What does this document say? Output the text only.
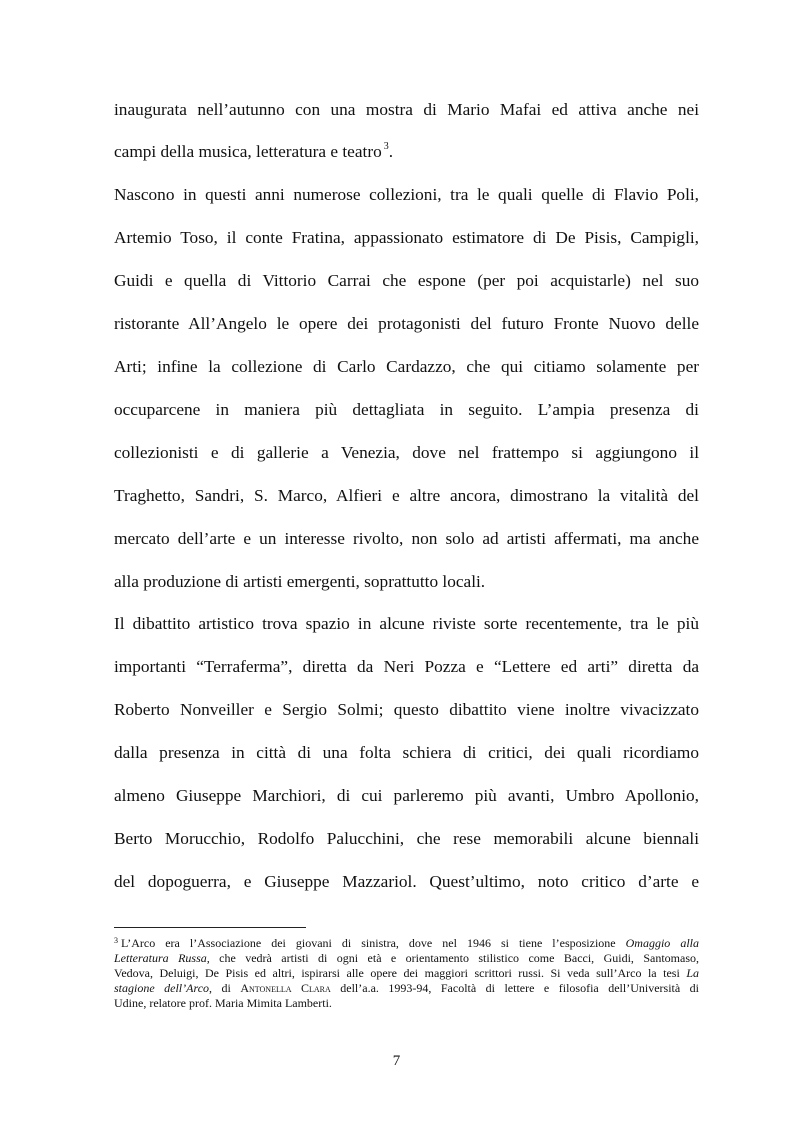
inaugurata nell’autunno con una mostra di Mario Mafai ed attiva anche nei
campi della musica, letteratura e teatro $^3$.
Nascono in questi anni numerose collezioni, tra le quali quelle di Flavio Poli,
Artemio Toso, il conte Fratina, appassionato estimatore di De Pisis, Campigli,
Guidi e quella di Vittorio Carrai che espone (per poi acquistarle) nel suo
ristorante All’Angelo le opere dei protagonisti del futuro Fronte Nuovo delle
Arti; infine la collezione di Carlo Cardazzo, che qui citiamo solamente per
occuparcene in maniera più dettagliata in seguito. L’ampia presenza di
collezionisti e di gallerie a Venezia, dove nel frattempo si aggiungono il
Traghetto, Sandri, S. Marco, Alfieri e altre ancora, dimostrano la vitalità del
mercato dell’arte e un interesse rivolto, non solo ad artisti affermati, ma anche
alla produzione di artisti emergenti, soprattutto locali.
Il dibattito artistico trova spazio in alcune riviste sorte recentemente, tra le più
importanti “Terraferma”, diretta da Neri Pozza e “Lettere ed arti” diretta da
Roberto Nonveiller e Sergio Solmi; questo dibattito viene inoltre vivacizzato
dalla presenza in città di una folta schiera di critici, dei quali ricordiamo
almeno Giuseppe Marchiori, di cui parleremo più avanti, Umbro Apollonio,
Berto Morucchio, Rodolfo Palucchini, che rese memorabili alcune biennali
del dopoguerra, e Giuseppe Mazzariol. Quest’ultimo, noto critico d’arte e
$^3$ L’Arco era l’Associazione dei giovani di sinistra, dove nel 1946 si tiene l’esposizione Omaggio alla
Letteratura Russa, che vedrà artisti di ogni età e orientamento stilistico come Bacci, Guidi, Santomaso,
Vedova, Deluigi, De Pisis ed altri, ispirarsi alle opere dei maggiori scrittori russi. Si veda sull’Arco la tesi La
stagione dell’Arco, di Antonella Clara dell’a.a. 1993-94, Facoltà di lettere e filosofia dell’Università di
Udine, relatore prof. Maria Mimita Lamberti.
7
